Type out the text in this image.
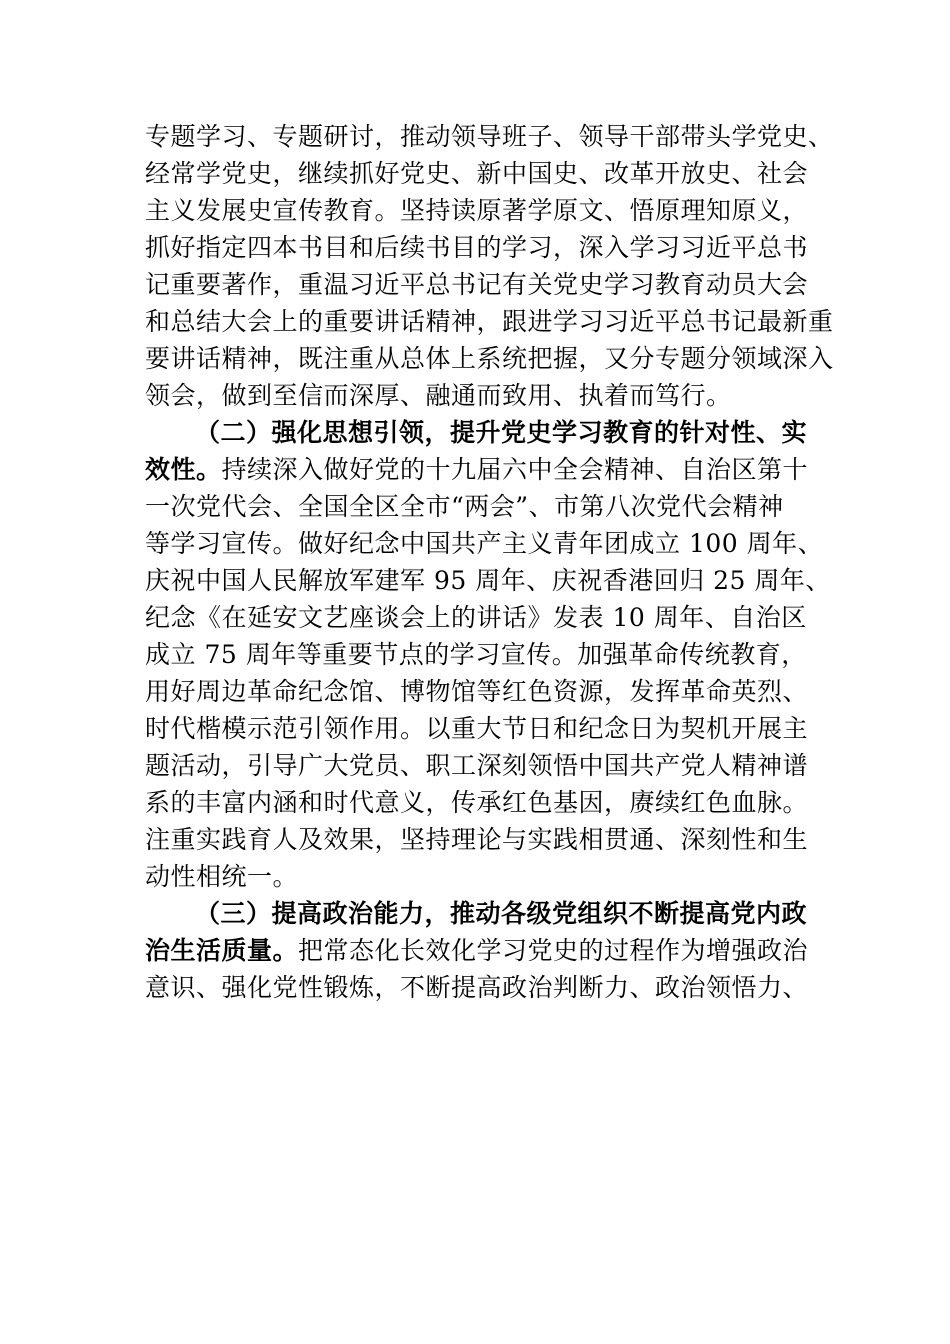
专题学习、专题研讨，推动领导班子、领导干部带头学党史、
经常学党史，继续抓好党史、新中国史、改革开放史、社会
主义发展史宣传教育。坚持读原著学原文、悟原理知原义，
抓好指定四本书目和后续书目的学习，深入学习习近平总书
记重要著作，重温习近平总书记有关党史学习教育动员大会
和总结大会上的重要讲话精神，跟进学习习近平总书记最新重
要讲话精神，既注重从总体上系统把握，又分专题分领域深入
领会，做到至信而深厚、融通而致用、执着而笃行。
（二）强化思想引领，提升党史学习教育的针对性、实
效性。持续深入做好党的十九届六中全会精神、自治区第十
一次党代会、全国全区全市“两会”、市第八次党代会精神
等学习宣传。做好纪念中国共产主义青年团成立 100 周年、
庆祝中国人民解放军建军 95 周年、庆祝香港回归 25 周年、
纪念《在延安文艺座谈会上的讲话》发表 10 周年、自治区
成立 75 周年等重要节点的学习宣传。加强革命传统教育，
用好周边革命纪念馆、博物馆等红色资源，发挥革命英烈、
时代楷模示范引领作用。以重大节日和纪念日为契机开展主
题活动，引导广大党员、职工深刻领悟中国共产党人精神谱
系的丰富内涵和时代意义，传承红色基因，赓续红色血脉。
注重实践育人及效果，坚持理论与实践相贯通、深刻性和生
动性相统一。
（三）提高政治能力，推动各级党组织不断提高党内政
治生活质量。把常态化长效化学习党史的过程作为增强政治
意识、强化党性锻炼，不断提高政治判断力、政治领悟力、
